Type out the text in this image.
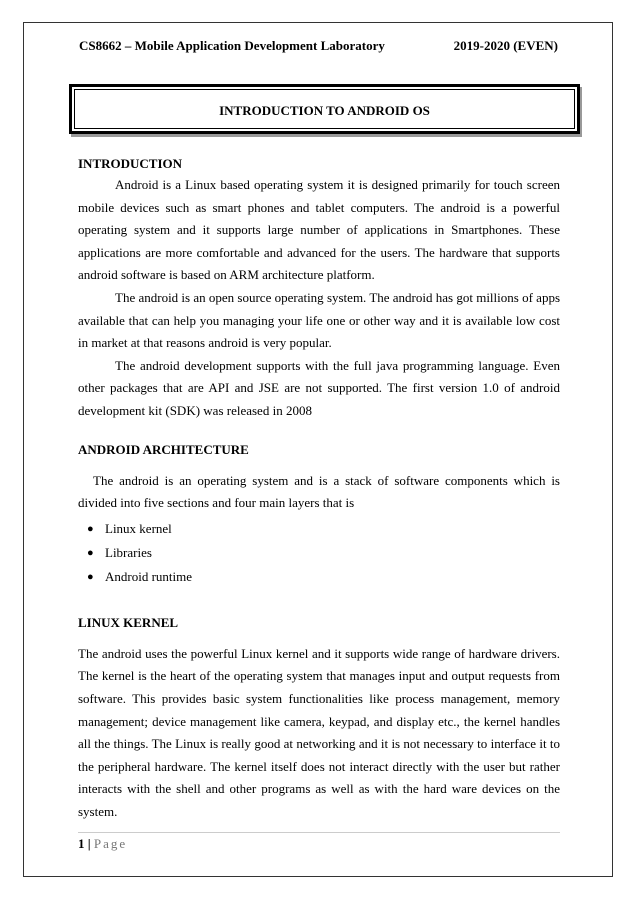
CS8662 – Mobile Application Development Laboratory	2019-2020 (EVEN)
INTRODUCTION TO ANDROID OS
INTRODUCTION

Android is a Linux based operating system it is designed primarily for touch screen mobile devices such as smart phones and tablet computers. The android is a powerful operating system and it supports large number of applications in Smartphones. These applications are more comfortable and advanced for the users. The hardware that supports android software is based on ARM architecture platform.

The android is an open source operating system. The android has got millions of apps available that can help you managing your life one or other way and it is available low cost in market at that reasons android is very popular.

The android development supports with the full java programming language. Even other packages that are API and JSE are not supported. The first version 1.0 of android development kit (SDK) was released in 2008

ANDROID ARCHITECTURE

The android is an operating system and is a stack of software components which is divided into five sections and four main layers that is

● Linux kernel
● Libraries
● Android runtime
LINUX KERNEL

The android uses the powerful Linux kernel and it supports wide range of hardware drivers. The kernel is the heart of the operating system that manages input and output requests from software. This provides basic system functionalities like process management, memory management; device management like camera, keypad, and display etc., the kernel handles all the things. The Linux is really good at networking and it is not necessary to interface it to the peripheral hardware. The kernel itself does not interact directly with the user but rather interacts with the shell and other programs as well as with the hard ware devices on the system.

1 | Page
